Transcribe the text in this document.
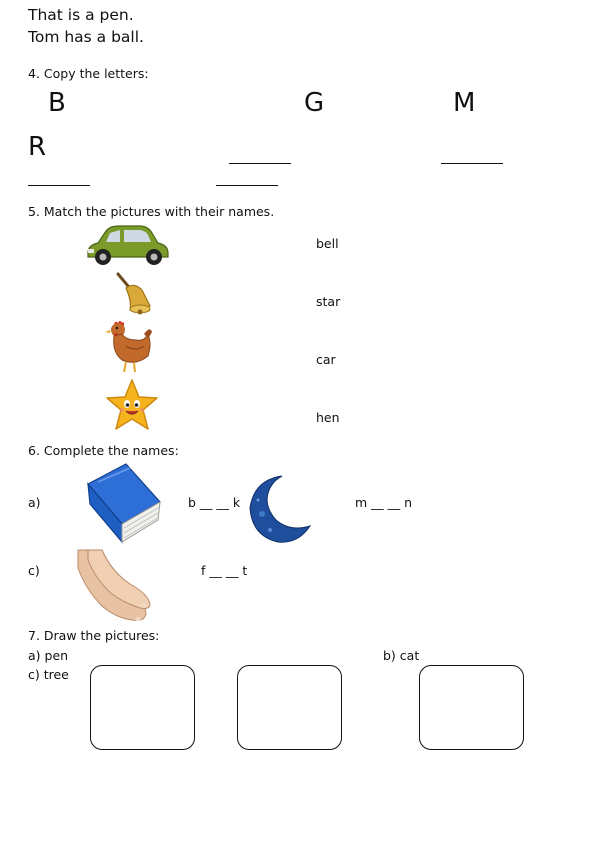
That is a pen.
Tom has a ball.
4. Copy the letters:
B	G	M
R
5. Match the pictures with their names.
bell
star
car
hen
6. Complete the names:
a)	b __ __ k	m __ __ n
c)	f __ __ t
7. Draw the pictures:
a) pen	b) cat
c) tree
